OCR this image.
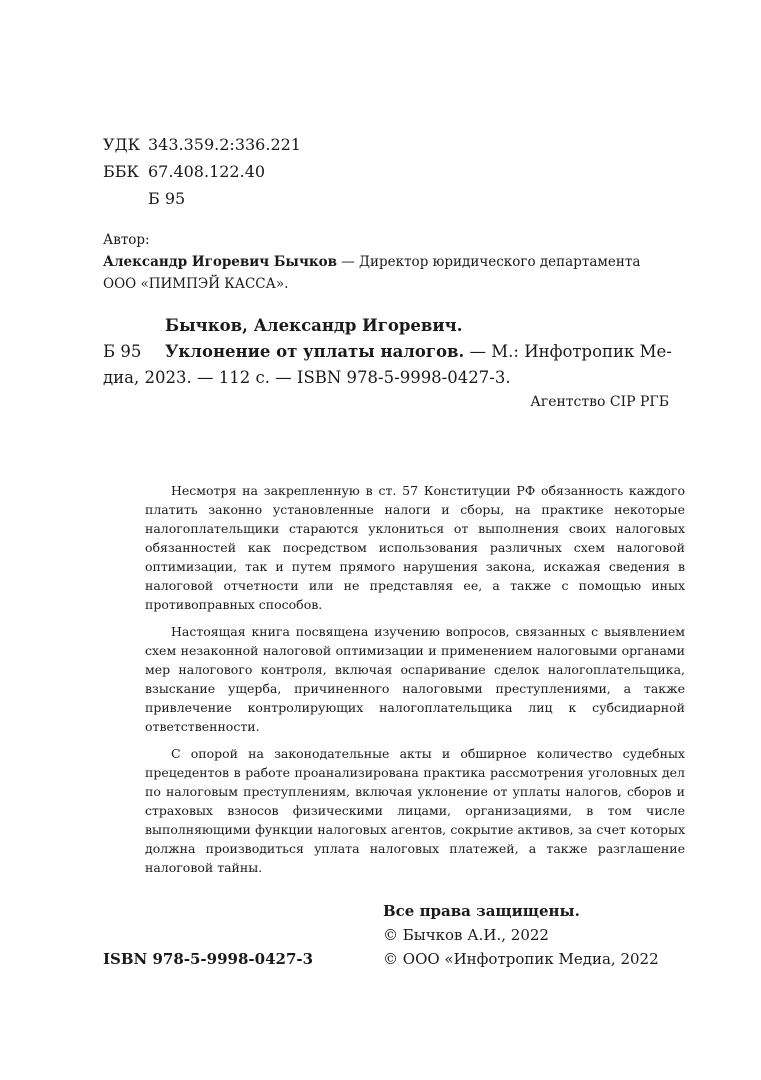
УДК 343.359.2:336.221
ББК 67.408.122.40
Б 95
Автор:
Александр Игоревич Бычков — Директор юридического департамента
ООО «ПИМПЭЙ КАССА».
Бычков, Александр Игоревич.
Б 95 Уклонение от уплаты налогов. — М.: Инфотропик Ме-
диа, 2023. — 112 с. — ISBN 978-5-9998-0427-3.
Агентство CIP РГБ

Несмотря на закрепленную в ст. 57 Конституции РФ обязанность каждого платить законно установленные налоги и сборы, на практике некоторые налогоплательщики стараются уклониться от выполнения своих налоговых обязанностей как посредством использования различных схем налоговой оптимизации, так и путем прямого нарушения закона, искажая сведения в налоговой отчетности или не представляя ее, а также с помощью иных противоправных способов.

Настоящая книга посвящена изучению вопросов, связанных с выявлением схем незаконной налоговой оптимизации и применением налоговыми органами мер налогового контроля, включая оспаривание сделок налогоплательщика, взыскание ущерба, причиненного налоговыми преступлениями, а также привлечение контролирующих налогоплательщика лиц к субсидиарной ответственности.

С опорой на законодательные акты и обширное количество судебных прецедентов в работе проанализирована практика рассмотрения уголовных дел по налоговым преступлениям, включая уклонение от уплаты налогов, сборов и страховых взносов физическими лицами, организациями, в том числе выполняющими функции налоговых агентов, сокрытие активов, за счет которых должна производиться уплата налоговых платежей, а также разглашение налоговой тайны.

Все права защищены.
© Бычков А.И., 2022
© ООО «Инфотропик Медиа, 2022
ISBN 978-5-9998-0427-3
